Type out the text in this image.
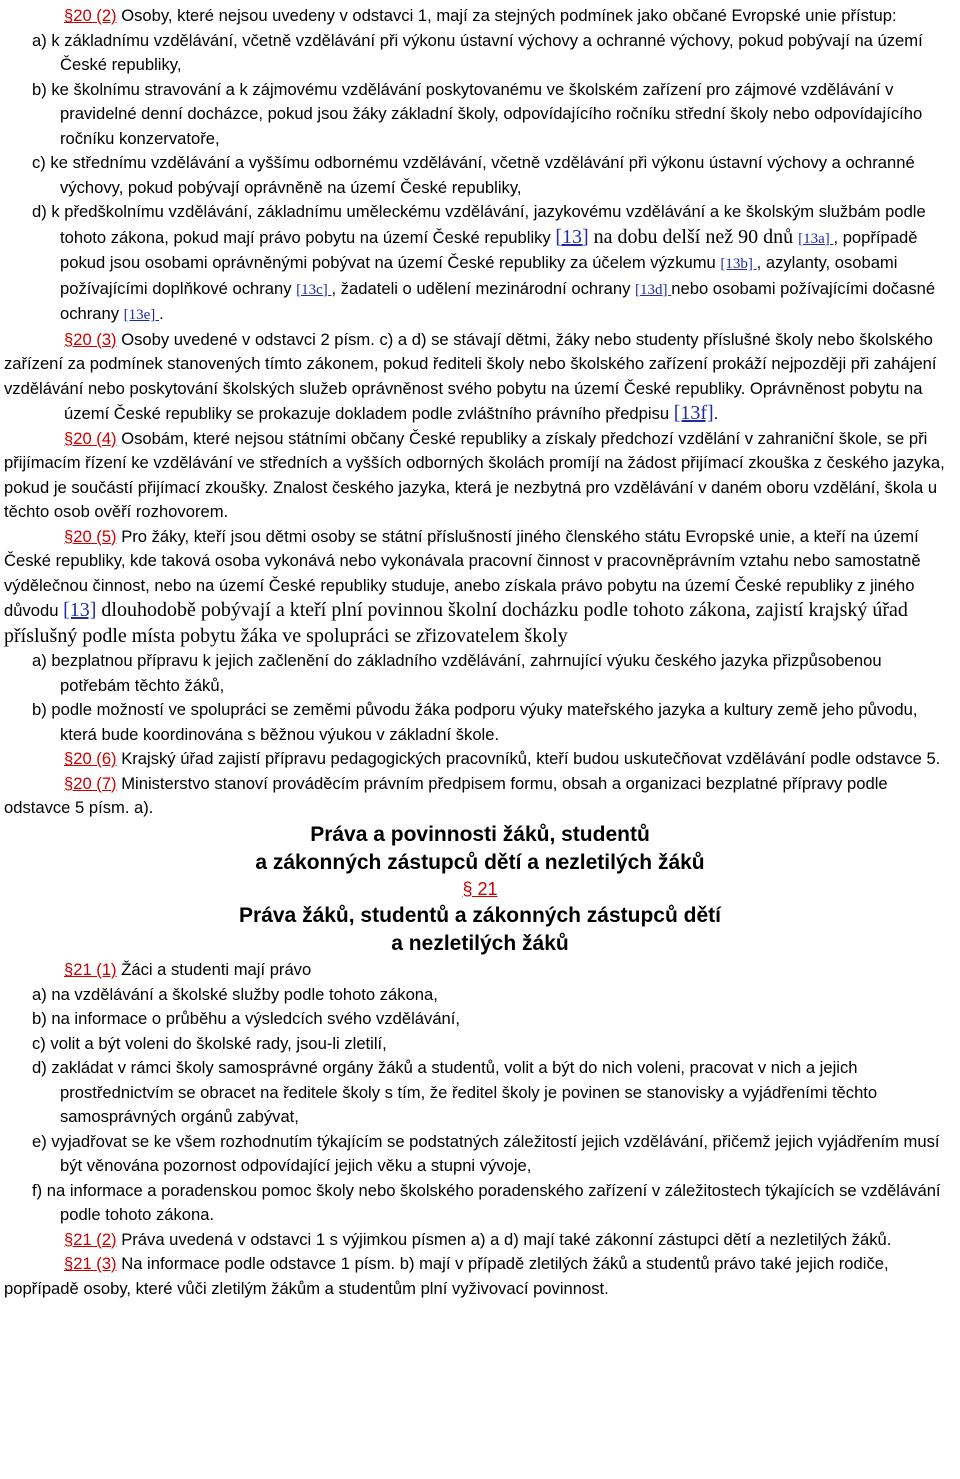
§20 (2) Osoby, které nejsou uvedeny v odstavci 1, mají za stejných podmínek jako občané Evropské unie přístup:

a) k základnímu vzdělávání, včetně vzdělávání při výkonu ústavní výchovy a ochranné výchovy, pokud pobývají na území České republiky,

b) ke školnímu stravování a k zájmovému vzdělávání poskytovanému ve školském zařízení pro zájmové vzdělávání v pravidelné denní docházce, pokud jsou žáky základní školy, odpovídajícího ročníku střední školy nebo odpovídajícího ročníku konzervatoře,

c) ke střednímu vzdělávání a vyššímu odbornému vzdělávání, včetně vzdělávání při výkonu ústavní výchovy a ochranné výchovy, pokud pobývají oprávněně na území České republiky,

d) k předškolnímu vzdělávání, základnímu uměleckému vzdělávání, jazykovému vzdělávání a ke školským službám podle tohoto zákona, pokud mají právo pobytu na území České republiky [13] na dobu delší než 90 dnů [13a] , popřípadě pokud jsou osobami oprávněnými pobývat na území České republiky za účelem výzkumu [13b] , azylanty, osobami požívajícími doplňkové ochrany [13c] , žadateli o udělení mezinárodní ochrany [13d] nebo osobami požívajícími dočasné ochrany [13e] .

§20 (3) Osoby uvedené v odstavci 2 písm. c) a d) se stávají dětmi, žáky nebo studenty příslušné školy nebo školského zařízení za podmínek stanovených tímto zákonem, pokud řediteli školy nebo školského zařízení prokáží nejpozději při zahájení vzdělávání nebo poskytování školských služeb oprávněnost svého pobytu na území České republiky. Oprávněnost pobytu na

území České republiky se prokazuje dokladem podle zvláštního právního předpisu [13f].

§20 (4) Osobám, které nejsou státními občany České republiky a získaly předchozí vzdělání v zahraniční škole, se při přijímacím řízení ke vzdělávání ve středních a vyšších odborných školách promíjí na žádost přijímací zkouška z českého jazyka, pokud je součástí přijímací zkoušky. Znalost českého jazyka, která je nezbytná pro vzdělávání v daném oboru vzdělání, škola u těchto osob ověří rozhovorem.

§20 (5) Pro žáky, kteří jsou dětmi osoby se státní příslušností jiného členského státu Evropské unie, a kteří na území České republiky, kde taková osoba vykonává nebo vykonávala pracovní činnost v pracovněprávním vztahu nebo samostatně výdělečnou činnost, nebo na území České republiky studuje, anebo získala právo pobytu na území České republiky z jiného důvodu [13] dlouhodobě pobývají a kteří plní povinnou školní docházku podle tohoto zákona, zajistí krajský úřad příslušný podle místa pobytu žáka ve spolupráci se zřizovatelem školy

a) bezplatnou přípravu k jejich začlenění do základního vzdělávání, zahrnující výuku českého jazyka přizpůsobenou potřebám těchto žáků,

b) podle možností ve spolupráci se zeměmi původu žáka podporu výuky mateřského jazyka a kultury země jeho původu, která bude koordinována s běžnou výukou v základní škole.

§20 (6) Krajský úřad zajistí přípravu pedagogických pracovníků, kteří budou uskutečňovat vzdělávání podle odstavce 5.

§20 (7) Ministerstvo stanoví prováděcím právním předpisem formu, obsah a organizaci bezplatné přípravy podle odstavce 5 písm. a).

Práva a povinnosti žáků, studentů

a zákonných zástupců dětí a nezletilých žáků

§ 21

Práva žáků, studentů a zákonných zástupců dětí

a nezletilých žáků

§21 (1) Žáci a studenti mají právo

a) na vzdělávání a školské služby podle tohoto zákona,

b) na informace o průběhu a výsledcích svého vzdělávání,

c) volit a být voleni do školské rady, jsou-li zletilí,

d) zakládat v rámci školy samosprávné orgány žáků a studentů, volit a být do nich voleni, pracovat v nich a jejich prostřednictvím se obracet na ředitele školy s tím, že ředitel školy je povinen se stanovisky a vyjádřeními těchto samosprávných orgánů zabývat,

e) vyjadřovat se ke všem rozhodnutím týkajícím se podstatných záležitostí jejich vzdělávání, přičemž jejich vyjádřením musí být věnována pozornost odpovídající jejich věku a stupni vývoje,

f) na informace a poradenskou pomoc školy nebo školského poradenského zařízení v záležitostech týkajících se vzdělávání podle tohoto zákona.

§21 (2) Práva uvedená v odstavci 1 s výjimkou písmen a) a d) mají také zákonní zástupci dětí a nezletilých žáků.

§21 (3) Na informace podle odstavce 1 písm. b) mají v případě zletilých žáků a studentů právo také jejich rodiče, popřípadě osoby, které vůči zletilým žákům a studentům plní vyživovací povinnost.
